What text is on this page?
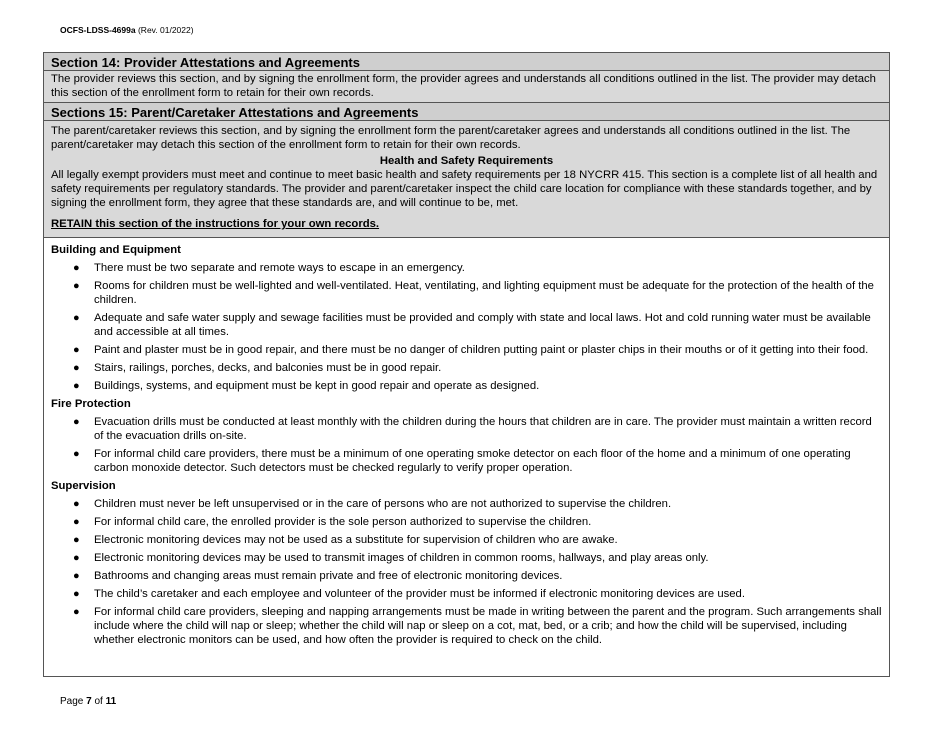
OCFS-LDSS-4699a (Rev. 01/2022)
Section 14: Provider Attestations and Agreements
The provider reviews this section, and by signing the enrollment form, the provider agrees and understands all conditions outlined in the list. The provider may detach this section of the enrollment form to retain for their own records.
Sections 15: Parent/Caretaker Attestations and Agreements
The parent/caretaker reviews this section, and by signing the enrollment form the parent/caretaker agrees and understands all conditions outlined in the list. The parent/caretaker may detach this section of the enrollment form to retain for their own records.
Health and Safety Requirements
All legally exempt providers must meet and continue to meet basic health and safety requirements per 18 NYCRR 415. This section is a complete list of all health and safety requirements per regulatory standards. The provider and parent/caretaker inspect the child care location for compliance with these standards together, and by signing the enrollment form, they agree that these standards are, and will continue to be, met.
RETAIN this section of the instructions for your own records.
Building and Equipment
● There must be two separate and remote ways to escape in an emergency.
● Rooms for children must be well-lighted and well-ventilated. Heat, ventilating, and lighting equipment must be adequate for the protection of the health of the children.
● Adequate and safe water supply and sewage facilities must be provided and comply with state and local laws. Hot and cold running water must be available and accessible at all times.
● Paint and plaster must be in good repair, and there must be no danger of children putting paint or plaster chips in their mouths or of it getting into their food.
● Stairs, railings, porches, decks, and balconies must be in good repair.
● Buildings, systems, and equipment must be kept in good repair and operate as designed.
Fire Protection
● Evacuation drills must be conducted at least monthly with the children during the hours that children are in care. The provider must maintain a written record of the evacuation drills on-site.
● For informal child care providers, there must be a minimum of one operating smoke detector on each floor of the home and a minimum of one operating carbon monoxide detector. Such detectors must be checked regularly to verify proper operation.
Supervision
● Children must never be left unsupervised or in the care of persons who are not authorized to supervise the children.
● For informal child care, the enrolled provider is the sole person authorized to supervise the children.
● Electronic monitoring devices may not be used as a substitute for supervision of children who are awake.
● Electronic monitoring devices may be used to transmit images of children in common rooms, hallways, and play areas only.
● Bathrooms and changing areas must remain private and free of electronic monitoring devices.
● The child’s caretaker and each employee and volunteer of the provider must be informed if electronic monitoring devices are used.
● For informal child care providers, sleeping and napping arrangements must be made in writing between the parent and the program. Such arrangements shall include where the child will nap or sleep; whether the child will nap or sleep on a cot, mat, bed, or a crib; and how the child will be supervised, including whether electronic monitors can be used, and how often the provider is required to check on the child.
Page 7 of 11
